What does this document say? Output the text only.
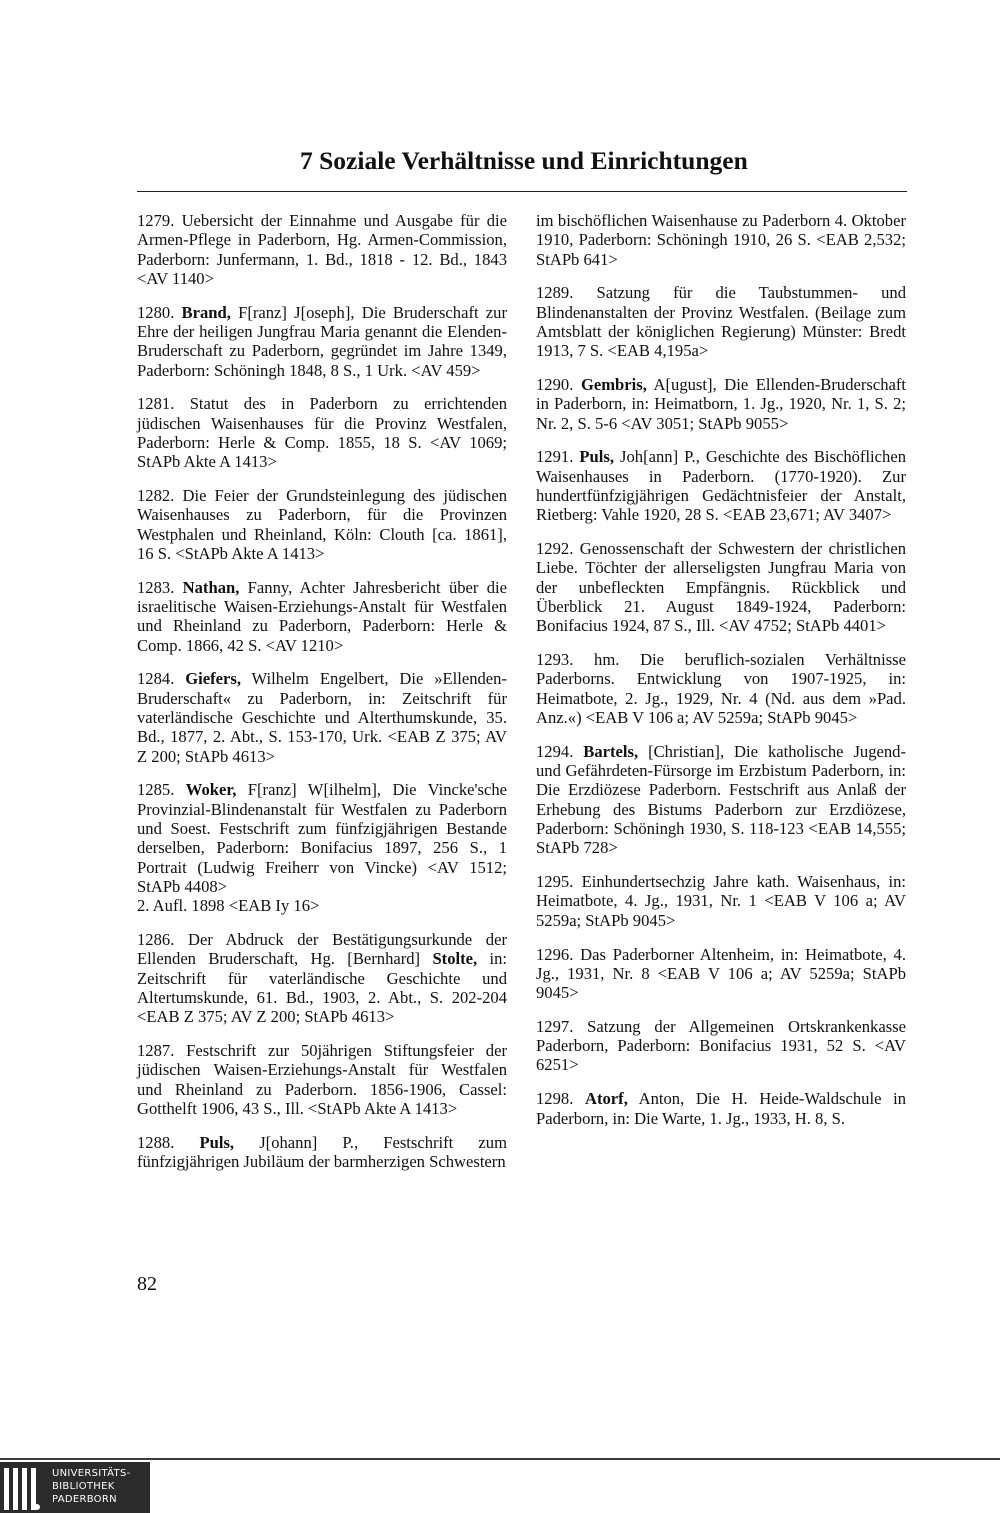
7 Soziale Verhältnisse und Einrichtungen

1279. Uebersicht der Einnahme und Ausgabe für die Armen-Pflege in Paderborn, Hg. Armen-Commission, Paderborn: Junfermann, 1. Bd., 1818 - 12. Bd., 1843 <AV 1140>

1280. Brand, F[ranz] J[oseph], Die Bruderschaft zur Ehre der heiligen Jungfrau Maria genannt die Elenden-Bruderschaft zu Paderborn, gegründet im Jahre 1349, Paderborn: Schöningh 1848, 8 S., 1 Urk. <AV 459>

1281. Statut des in Paderborn zu errichtenden jüdischen Waisenhauses für die Provinz Westfalen, Paderborn: Herle & Comp. 1855, 18 S. <AV 1069; StAPb Akte A 1413>

1282. Die Feier der Grundsteinlegung des jüdischen Waisenhauses zu Paderborn, für die Provinzen Westphalen und Rheinland, Köln: Clouth [ca. 1861], 16 S. <StAPb Akte A 1413>

1283. Nathan, Fanny, Achter Jahresbericht über die israelitische Waisen-Erziehungs-Anstalt für Westfalen und Rheinland zu Paderborn, Paderborn: Herle & Comp. 1866, 42 S. <AV 1210>

1284. Giefers, Wilhelm Engelbert, Die »Ellenden-Bruderschaft« zu Paderborn, in: Zeitschrift für vaterländische Geschichte und Alterthumskunde, 35. Bd., 1877, 2. Abt., S. 153-170, Urk. <EAB Z 375; AV Z 200; StAPb 4613>

1285. Woker, F[ranz] W[ilhelm], Die Vincke'sche Provinzial-Blindenanstalt für Westfalen zu Paderborn und Soest. Festschrift zum fünfzigjährigen Bestande derselben, Paderborn: Bonifacius 1897, 256 S., 1 Portrait (Ludwig Freiherr von Vincke) <AV 1512; StAPb 4408>
2. Aufl. 1898 <EAB Iy 16>

1286. Der Abdruck der Bestätigungsurkunde der Ellenden Bruderschaft, Hg. [Bernhard] Stolte, in: Zeitschrift für vaterländische Geschichte und Altertumskunde, 61. Bd., 1903, 2. Abt., S. 202-204 <EAB Z 375; AV Z 200; StAPb 4613>

1287. Festschrift zur 50jährigen Stiftungsfeier der jüdischen Waisen-Erziehungs-Anstalt für Westfalen und Rheinland zu Paderborn. 1856-1906, Cassel: Gotthelft 1906, 43 S., Ill. <StAPb Akte A 1413>

1288. Puls, J[ohann] P., Festschrift zum fünfzigjährigen Jubiläum der barmherzigen Schwestern

im bischöflichen Waisenhause zu Paderborn 4. Oktober 1910, Paderborn: Schöningh 1910, 26 S. <EAB 2,532; StAPb 641>

1289. Satzung für die Taubstummen- und Blindenanstalten der Provinz Westfalen. (Beilage zum Amtsblatt der königlichen Regierung) Münster: Bredt 1913, 7 S. <EAB 4,195a>

1290. Gembris, A[ugust], Die Ellenden-Bruderschaft in Paderborn, in: Heimatborn, 1. Jg., 1920, Nr. 1, S. 2; Nr. 2, S. 5-6 <AV 3051; StAPb 9055>

1291. Puls, Joh[ann] P., Geschichte des Bischöflichen Waisenhauses in Paderborn. (1770-1920). Zur hundertfünfzigjährigen Gedächtnisfeier der Anstalt, Rietberg: Vahle 1920, 28 S. <EAB 23,671; AV 3407>

1292. Genossenschaft der Schwestern der christlichen Liebe. Töchter der allerseligsten Jungfrau Maria von der unbefleckten Empfängnis. Rückblick und Überblick 21. August 1849-1924, Paderborn: Bonifacius 1924, 87 S., Ill. <AV 4752; StAPb 4401>

1293. hm. Die beruflich-sozialen Verhältnisse Paderborns. Entwicklung von 1907-1925, in: Heimatbote, 2. Jg., 1929, Nr. 4 (Nd. aus dem »Pad. Anz.«) <EAB V 106 a; AV 5259a; StAPb 9045>

1294. Bartels, [Christian], Die katholische Jugend- und Gefährdeten-Fürsorge im Erzbistum Paderborn, in: Die Erzdiözese Paderborn. Festschrift aus Anlaß der Erhebung des Bistums Paderborn zur Erzdiözese, Paderborn: Schöningh 1930, S. 118-123 <EAB 14,555; StAPb 728>

1295. Einhundertsechzig Jahre kath. Waisenhaus, in: Heimatbote, 4. Jg., 1931, Nr. 1 <EAB V 106 a; AV 5259a; StAPb 9045>

1296. Das Paderborner Altenheim, in: Heimatbote, 4. Jg., 1931, Nr. 8 <EAB V 106 a; AV 5259a; StAPb 9045>

1297. Satzung der Allgemeinen Ortskrankenkasse Paderborn, Paderborn: Bonifacius 1931, 52 S. <AV 6251>

1298. Atorf, Anton, Die H. Heide-Waldschule in Paderborn, in: Die Warte, 1. Jg., 1933, H. 8, S.

82
UNIVERSITÄTS-
BIBLIOTHEK
PADERBORN
